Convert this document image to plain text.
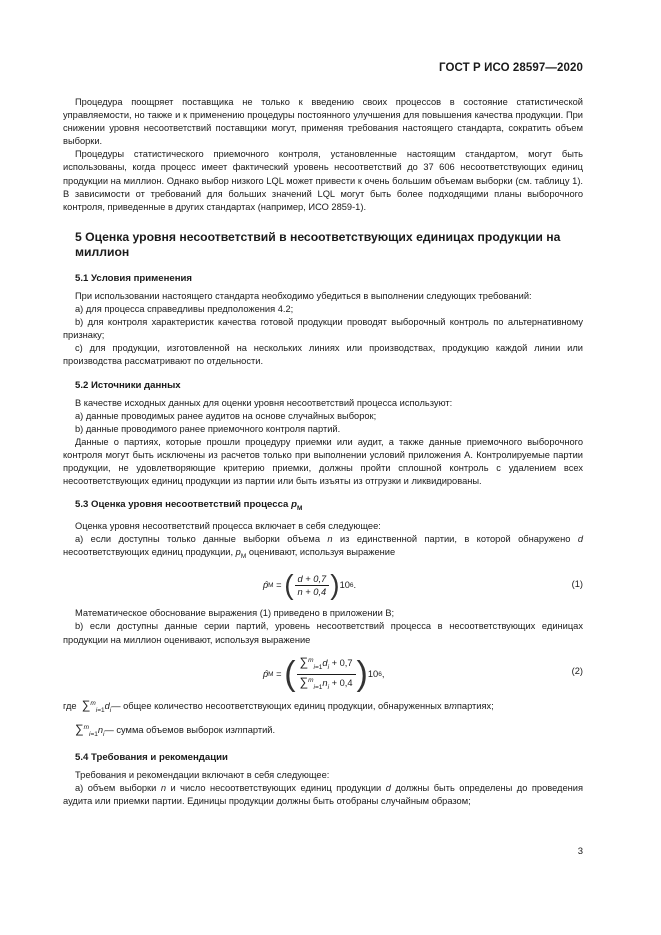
ГОСТ Р ИСО 28597—2020

Процедура поощряет поставщика не только к введению своих процессов в состояние статистической управляемости, но также и к применению процедуры постоянного улучшения для повышения качества продукции. При снижении уровня несоответствий поставщики могут, применяя требования настоящего стандарта, сократить объем выборки.

Процедуры статистического приемочного контроля, установленные настоящим стандартом, могут быть использованы, когда процесс имеет фактический уровень несоответствий до 37 606 несоответствующих единиц продукции на миллион. Однако выбор низкого LQL может привести к очень большим объемам выборки (см. таблицу 1). В зависимости от требований для больших значений LQL могут быть более подходящими планы выборочного контроля, приведенные в других стандартах (например, ИСО 2859-1).

5 Оценка уровня несоответствий в несоответствующих единицах продукции на миллион
5.1 Условия применения

При использовании настоящего стандарта необходимо убедиться в выполнении следующих требований:

a) для процесса справедливы предположения 4.2;

b) для контроля характеристик качества готовой продукции проводят выборочный контроль по альтернативному признаку;

c) для продукции, изготовленной на нескольких линиях или производствах, продукцию каждой линии или производства рассматривают по отдельности.

5.2 Источники данных

В качестве исходных данных для оценки уровня несоответствий процесса используют:

a) данные проводимых ранее аудитов на основе случайных выборок;

b) данные проводимого ранее приемочного контроля партий.

Данные о партиях, которые прошли процедуру приемки или аудит, а также данные приемочного выборочного контроля могут быть исключены из расчетов только при выполнении условий приложения А. Контролируемые партии продукции, не удовлетворяющие критерию приемки, должны пройти сплошной контроль с удалением всех несоответствующих единиц продукции из партии или быть изъяты из отгрузки и ликвидированы.

5.3 Оценка уровня несоответствий процесса $p_M$

Оценка уровня несоответствий процесса включает в себя следующее:

a) если доступны только данные выборки объема n из единственной партии, в которой обнаружено d несоответствующих единиц продукции, $p_M$ оценивают, используя выражение

p̂ M = ( $\frac{d + 0,7}{n + 0,4}$ ) 10 6 .	(1)

Математическое обоснование выражения (1) приведено в приложении В;

b) если доступны данные серии партий, уровень несоответствий процесса в несоответствующих единицах продукции на миллион оценивают, используя выражение

p̂ M = ( $\frac{\sum^m_{i=1}d_i + 0,7}{\sum^m_{i=1}n_i + 0,4}$ ) 10 6 ,	(2)
где
$\sum^m_{i=1}d_i$ — общее количество несоответствующих единиц продукции, обнаруженных в m партиях;
$\sum^m_{i=1}n_i$ — сумма объемов выборок из m партий.
5.4 Требования и рекомендации

Требования и рекомендации включают в себя следующее:

a) объем выборки n и число несоответствующих единиц продукции d должны быть определены до проведения аудита или приемки партии. Единицы продукции должны быть отобраны случайным образом;

3
